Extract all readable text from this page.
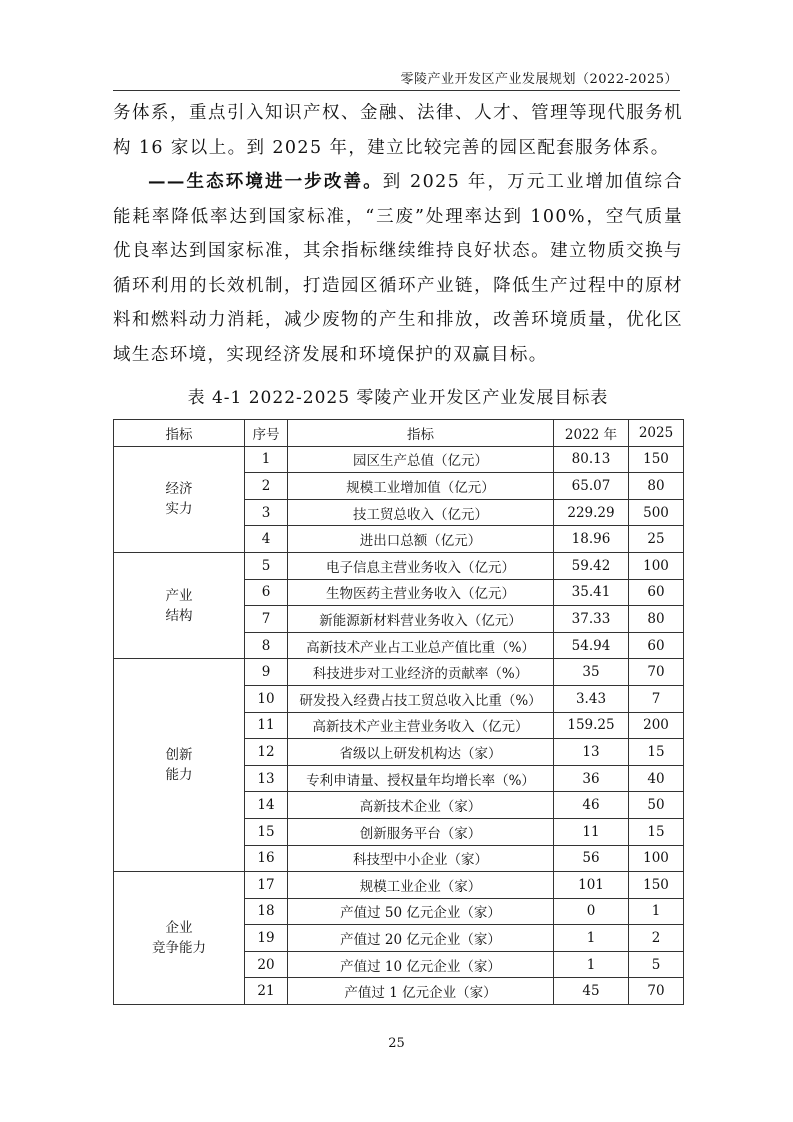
零陵产业开发区产业发展规划（2022-2025）

务体系，重点引入知识产权、金融、法律、人才、管理等现代服务机构 16 家以上。到 2025 年，建立比较完善的园区配套服务体系。

——生态环境进一步改善。到 2025 年，万元工业增加值综合能耗率降低率达到国家标准，“三废”处理率达到 100%，空气质量优良率达到国家标准，其余指标继续维持良好状态。建立物质交换与循环利用的长效机制，打造园区循环产业链，降低生产过程中的原材料和燃料动力消耗，减少废物的产生和排放，改善环境质量，优化区域生态环境，实现经济发展和环境保护的双赢目标。

表 4-1 2022-2025 零陵产业开发区产业发展目标表
指标	序号	指标	2022 年	2025

经济
实力	1	园区生产总值（亿元）	80.13	150
	2	规模工业增加值（亿元）	65.07	80
	3	技工贸总收入（亿元）	229.29	500
	4	进出口总额（亿元）	18.96	25

产业
结构	5	电子信息主营业务收入（亿元）	59.42	100
	6	生物医药主营业务收入（亿元）	35.41	60
	7	新能源新材料营业务收入（亿元）	37.33	80
	8	高新技术产业占工业总产值比重（%）	54.94	60

创新
能力	9	科技进步对工业经济的贡献率（%）	35	70
	10	研发投入经费占技工贸总收入比重（%）	3.43	7
	11	高新技术产业主营业务收入（亿元）	159.25	200
	12	省级以上研发机构达（家）	13	15
	13	专利申请量、授权量年均增长率（%）	36	40
	14	高新技术企业（家）	46	50
	15	创新服务平台（家）	11	15
	16	科技型中小企业（家）	56	100

企业
竞争能力	17	规模工业企业（家）	101	150
	18	产值过 50 亿元企业（家）	0	1
	19	产值过 20 亿元企业（家）	1	2
	20	产值过 10 亿元企业（家）	1	5
	21	产值过 1 亿元企业（家）	45	70
25
